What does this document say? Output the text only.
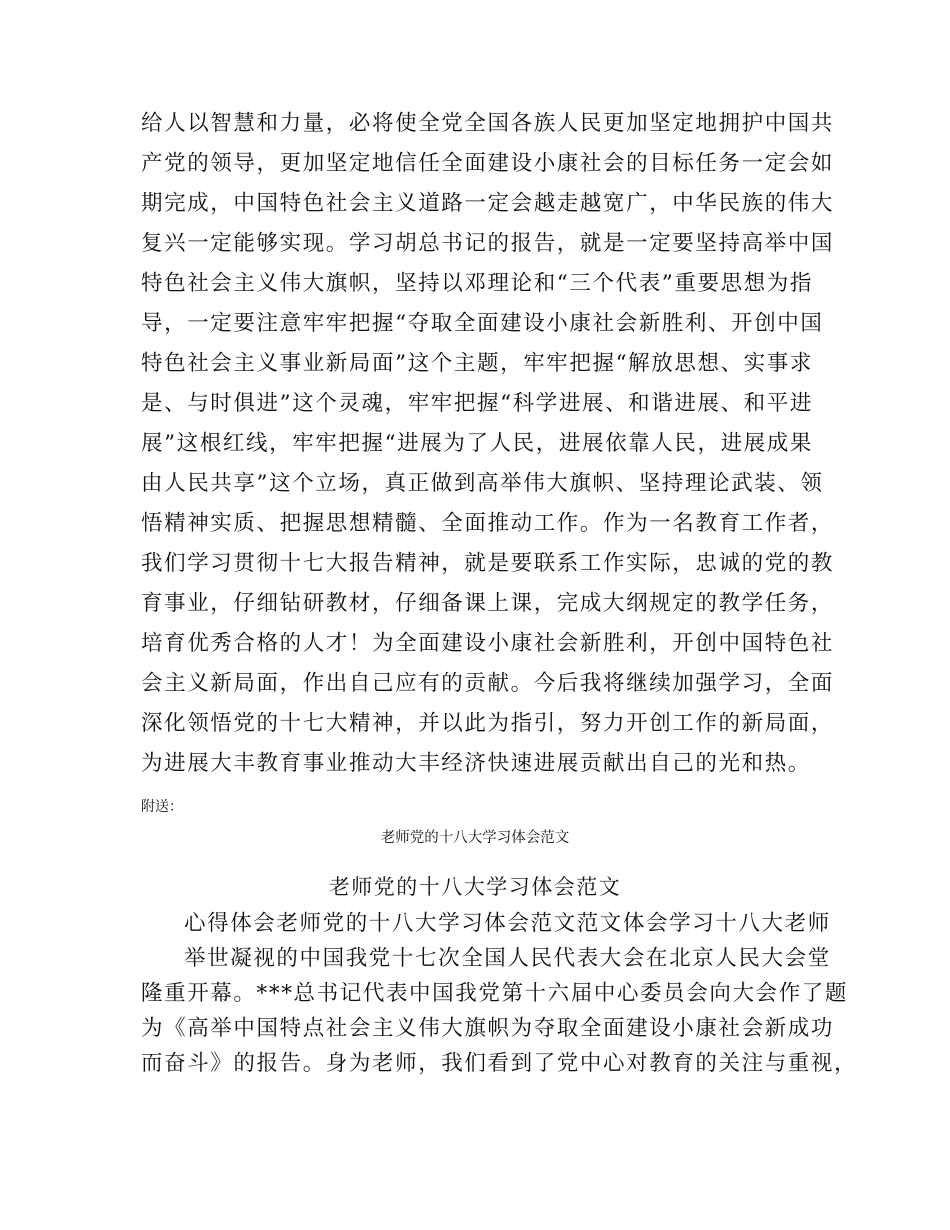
给人以智慧和力量，必将使全党全国各族人民更加坚定地拥护中国共
产党的领导，更加坚定地信任全面建设小康社会的目标任务一定会如
期完成，中国特色社会主义道路一定会越走越宽广，中华民族的伟大
复兴一定能够实现。学习胡总书记的报告，就是一定要坚持高举中国
特色社会主义伟大旗帜，坚持以邓理论和“三个代表”重要思想为指
导，一定要注意牢牢把握“夺取全面建设小康社会新胜利、开创中国
特色社会主义事业新局面”这个主题，牢牢把握“解放思想、实事求
是、与时俱进”这个灵魂，牢牢把握“科学进展、和谐进展、和平进
展”这根红线，牢牢把握“进展为了人民，进展依靠人民，进展成果
由人民共享”这个立场，真正做到高举伟大旗帜、坚持理论武装、领
悟精神实质、把握思想精髓、全面推动工作。作为一名教育工作者，
我们学习贯彻十七大报告精神，就是要联系工作实际，忠诚的党的教
育事业，仔细钻研教材，仔细备课上课，完成大纲规定的教学任务，
培育优秀合格的人才！为全面建设小康社会新胜利，开创中国特色社
会主义新局面，作出自己应有的贡献。今后我将继续加强学习，全面
深化领悟党的十七大精神，并以此为指引，努力开创工作的新局面，
为进展大丰教育事业推动大丰经济快速进展贡献出自己的光和热。

附送：

老师党的十八大学习体会范文

老师党的十八大学习体会范文
心得体会老师党的十八大学习体会范文范文体会学习十八大老师
举世凝视的中国我党十七次全国人民代表大会在北京人民大会堂
隆重开幕。***总书记代表中国我党第十六届中心委员会向大会作了题
为《高举中国特点社会主义伟大旗帜为夺取全面建设小康社会新成功
而奋斗》的报告。身为老师，我们看到了党中心对教育的关注与重视，
